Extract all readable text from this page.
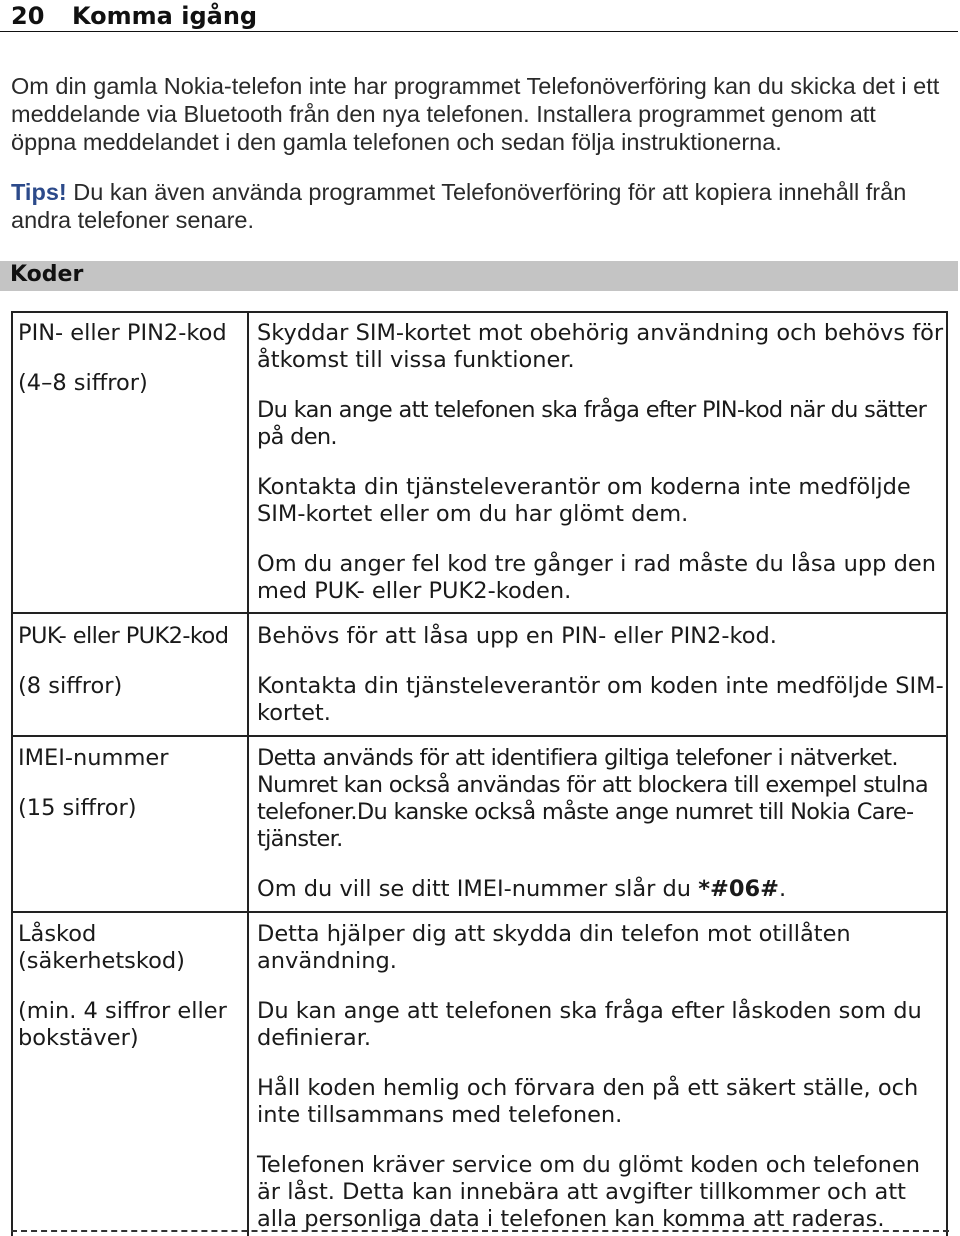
20 Komma igång

Om din gamla Nokia-telefon inte har programmet Telefonöverföring kan du skicka det i ett meddelande via Bluetooth från den nya telefonen. Installera programmet genom att öppna meddelandet i den gamla telefonen och sedan följa instruktionerna.

Tips! Du kan även använda programmet Telefonöverföring för att kopiera innehåll från andra telefoner senare.

Koder
PIN- eller PIN2-kod
(4–8 siffror)
Skyddar SIM-kortet mot obehörig användning och behövs för åtkomst till vissa funktioner.
Du kan ange att telefonen ska fråga efter PIN-kod när du sätter på den.
Kontakta din tjänsteleverantör om koderna inte medföljde SIM-kortet eller om du har glömt dem.
Om du anger fel kod tre gånger i rad måste du låsa upp den med PUK- eller PUK2-koden.
PUK- eller PUK2-kod
(8 siffror)
Behövs för att låsa upp en PIN- eller PIN2-kod.
Kontakta din tjänsteleverantör om koden inte medföljde SIM-kortet.
IMEI-nummer
(15 siffror)
Detta används för att identifiera giltiga telefoner i nätverket. Numret kan också användas för att blockera till exempel stulna telefoner.Du kanske också måste ange numret till Nokia Care-tjänster.
Om du vill se ditt IMEI-nummer slår du *#06#.
Låskod (säkerhetskod)
(min. 4 siffror eller bokstäver)
Detta hjälper dig att skydda din telefon mot otillåten användning.
Du kan ange att telefonen ska fråga efter låskoden som du definierar.
Håll koden hemlig och förvara den på ett säkert ställe, och inte tillsammans med telefonen.
Telefonen kräver service om du glömt koden och telefonen är låst. Detta kan innebära att avgifter tillkommer och att alla personliga data i telefonen kan komma att raderas.
